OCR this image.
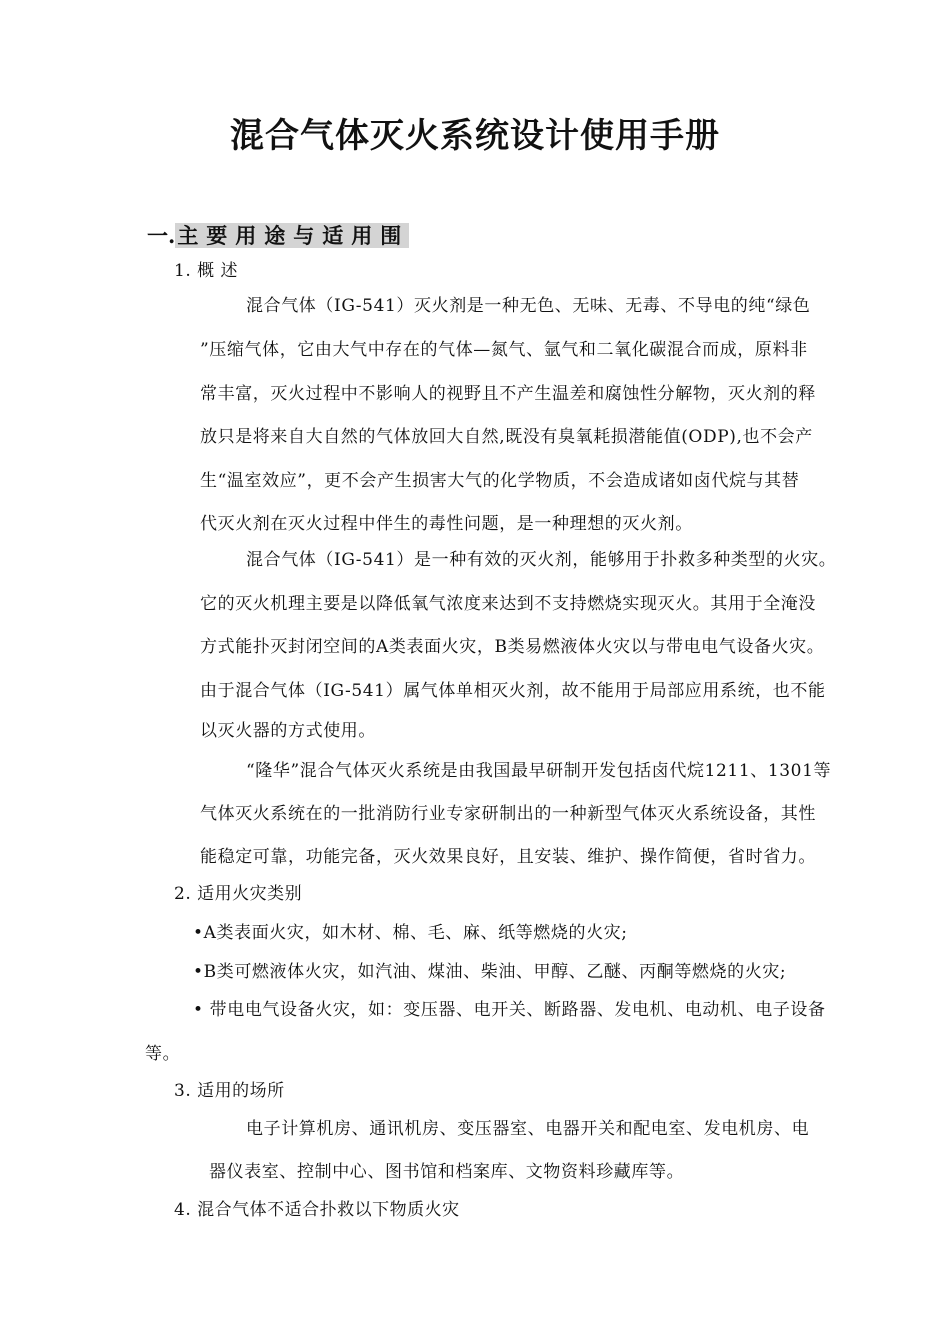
混合气体灭火系统设计使用手册
一.主要用途与适用围
1. 概 述
混合气体（IG-541）灭火剂是一种无色、无味、无毒、不导电的纯“绿色
”压缩气体，它由大气中存在的气体—氮气、氩气和二氧化碳混合而成，原料非
常丰富，灭火过程中不影响人的视野且不产生温差和腐蚀性分解物，灭火剂的释
放只是将来自大自然的气体放回大自然,既没有臭氧耗损潜能值(ODP),也不会产
生“温室效应”，更不会产生损害大气的化学物质，不会造成诸如卤代烷与其替
代灭火剂在灭火过程中伴生的毒性问题，是一种理想的灭火剂。
混合气体（IG-541）是一种有效的灭火剂，能够用于扑救多种类型的火灾。
它的灭火机理主要是以降低氧气浓度来达到不支持燃烧实现灭火。其用于全淹没
方式能扑灭封闭空间的A类表面火灾，B类易燃液体火灾以与带电电气设备火灾。
由于混合气体（IG-541）属气体单相灭火剂，故不能用于局部应用系统，也不能
以灭火器的方式使用。
“隆华”混合气体灭火系统是由我国最早研制开发包括卤代烷1211、1301等
气体灭火系统在的一批消防行业专家研制出的一种新型气体灭火系统设备，其性
能稳定可靠，功能完备，灭火效果良好，且安装、维护、操作简便，省时省力。
2. 适用火灾类别
•A类表面火灾，如木材、棉、毛、麻、纸等燃烧的火灾;
•B类可燃液体火灾，如汽油、煤油、柴油、甲醇、乙醚、丙酮等燃烧的火灾;
• 带电电气设备火灾，如：变压器、电开关、断路器、发电机、电动机、电子设备
等。
3. 适用的场所
电子计算机房、通讯机房、变压器室、电器开关和配电室、发电机房、电
器仪表室、控制中心、图书馆和档案库、文物资料珍藏库等。
4. 混合气体不适合扑救以下物质火灾
